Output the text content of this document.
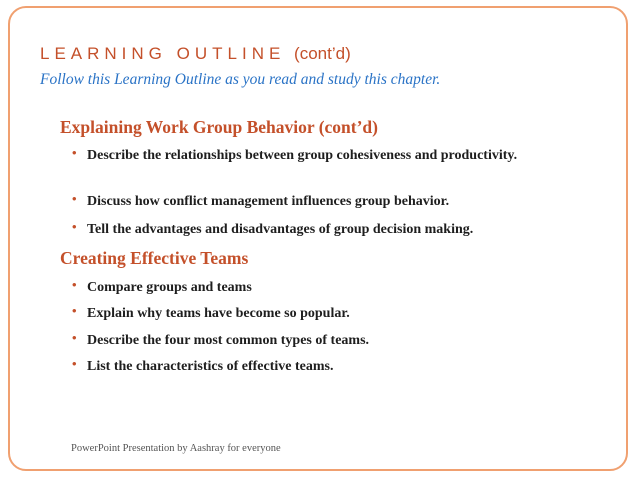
LEARNING OUTLINE (cont’d)
Follow this Learning Outline as you read and study this chapter.
Explaining Work Group Behavior (cont’d)
• Describe the relationships between group cohesiveness and productivity.
• Discuss how conflict management influences group behavior.
• Tell the advantages and disadvantages of group decision making.
Creating Effective Teams
• Compare groups and teams
• Explain why teams have become so popular.
• Describe the four most common types of teams.
• List the characteristics of effective teams.
PowerPoint Presentation by Aashray for everyone
